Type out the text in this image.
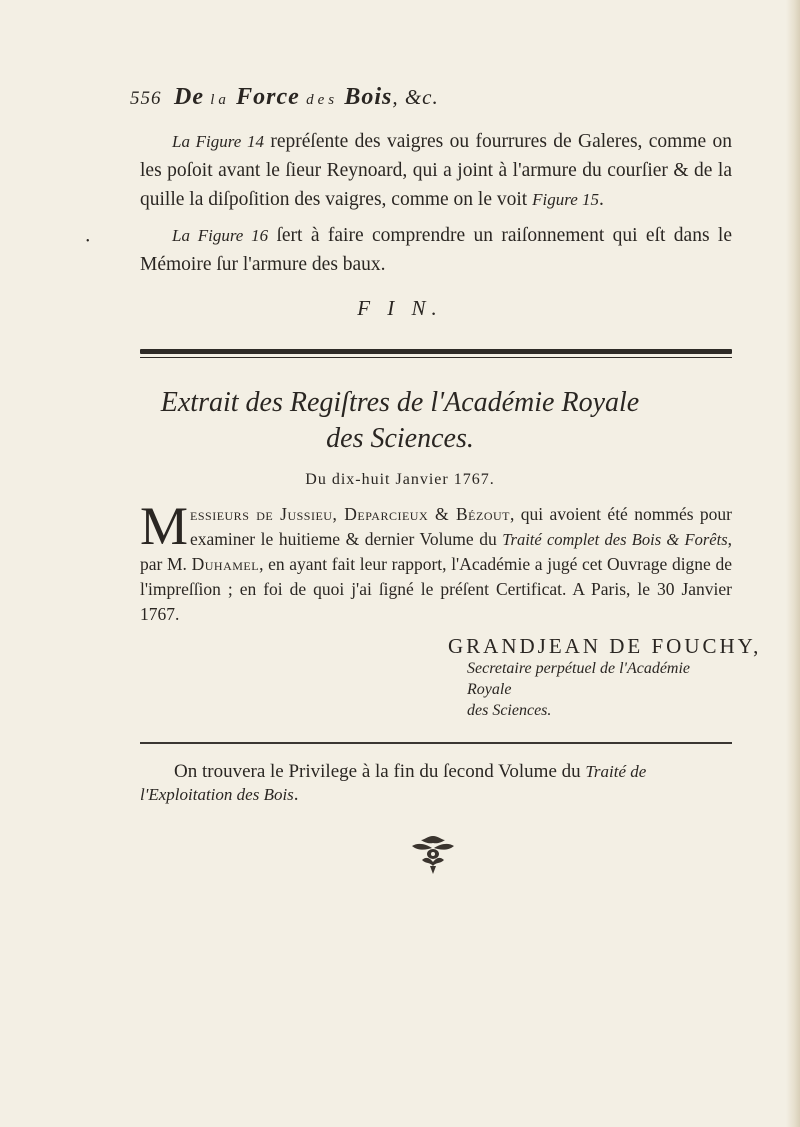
556 De la Force des Bois, &c.

La Figure 14 repréſente des vaigres ou fourrures de Galeres, comme on les poſoit avant le ſieur Reynoard, qui a joint à l'armure du courſier & de la quille la diſpoſition des vaigres, comme on le voit Figure 15.

•	La Figure 16 ſert à faire comprendre un raiſonnement qui eſt dans le Mémoire ſur l'armure des baux.

F I N.
Extrait des Regiſtres de l'Académie Royale
des Sciences.
Du dix-huit Janvier 1767.
Messieurs de Jussieu, Deparcieux & Bézout, qui avoient été nommés pour examiner le huitieme & dernier Volume du Traité complet des Bois & Forêts, par M. Duhamel, en ayant fait leur rapport, l'Académie a jugé cet Ouvrage digne de l'impreſſion ; en foi de quoi j'ai ſigné le préſent Certificat. A Paris, le 30 Janvier 1767.
GRANDJEAN DE FOUCHY,
Secretaire perpétuel de l'Académie Royale
des Sciences.

On trouvera le Privilege à la fin du ſecond Volume du Traité de l'Exploitation des Bois.
